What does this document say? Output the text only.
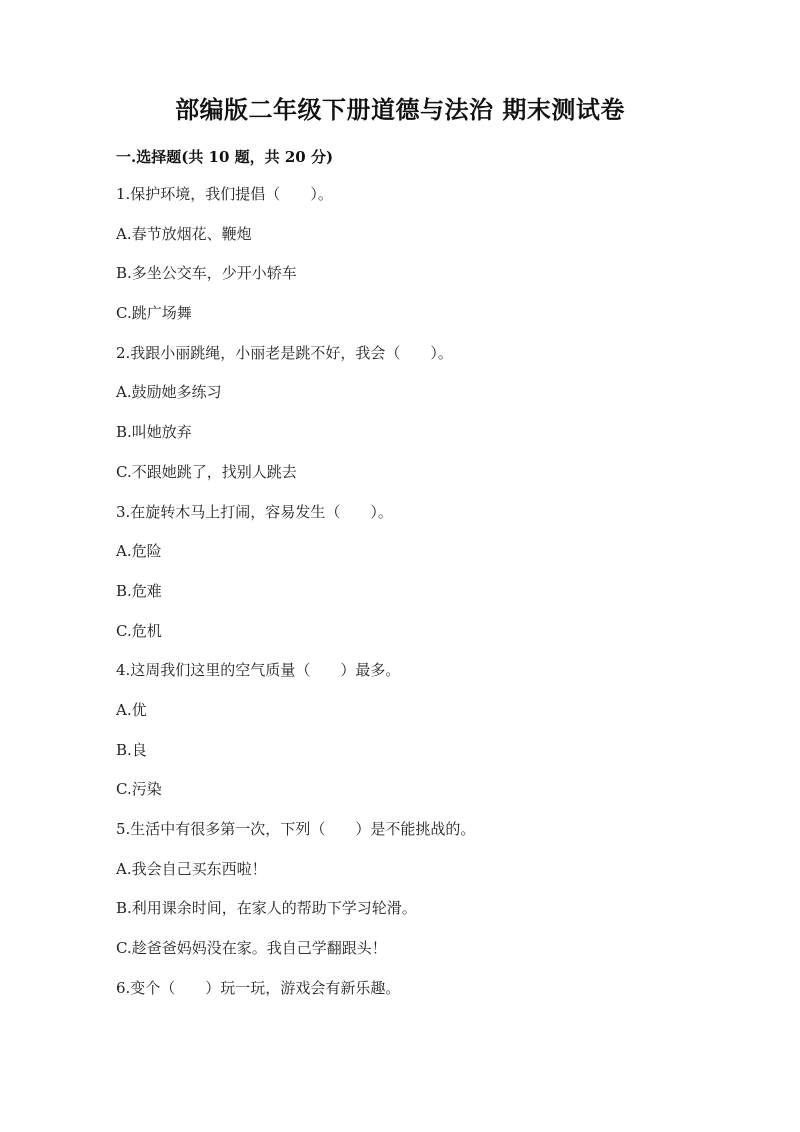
部编版二年级下册道德与法治 期末测试卷
一.选择题(共 10 题，共 20 分)
1.保护环境，我们提倡（　　）。
A.春节放烟花、鞭炮
B.多坐公交车，少开小轿车
C.跳广场舞
2.我跟小丽跳绳，小丽老是跳不好，我会（　　）。
A.鼓励她多练习
B.叫她放弃
C.不跟她跳了，找别人跳去
3.在旋转木马上打闹，容易发生（　　）。
A.危险
B.危难
C.危机
4.这周我们这里的空气质量（　　）最多。
A.优
B.良
C.污染
5.生活中有很多第一次，下列（　　）是不能挑战的。
A.我会自己买东西啦！
B.利用课余时间，在家人的帮助下学习轮滑。
C.趁爸爸妈妈没在家。我自己学翻跟头！
6.变个（　　）玩一玩，游戏会有新乐趣。
